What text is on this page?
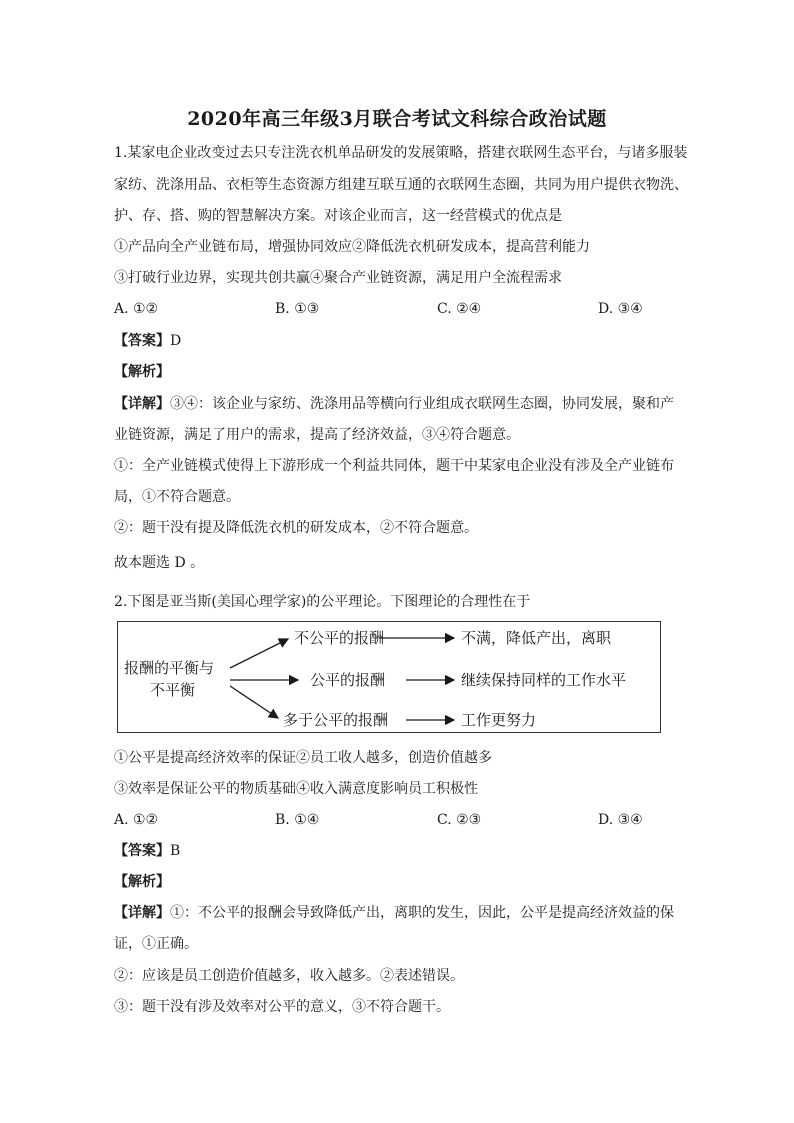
2020年高三年级3月联合考试文科综合政治试题
1.某家电企业改变过去只专注洗衣机单品研发的发展策略，搭建衣联网生态平台，与诸多服装
家纺、洗涤用品、衣柜等生态资源方组建互联互通的衣联网生态圈，共同为用户提供衣物洗、
护、存、搭、购的智慧解决方案。对该企业而言，这一经营模式的优点是
①产品向全产业链布局，增强协同效应②降低洗衣机研发成本，提高营利能力
③打破行业边界，实现共创共赢④聚合产业链资源，满足用户全流程需求
A. ①②	B. ①③	C. ②④	D. ③④
【答案】D
【解析】
【详解】③④：该企业与家纺、洗涤用品等横向行业组成衣联网生态圈，协同发展，聚和产
业链资源，满足了用户的需求，提高了经济效益，③④符合题意。
①：全产业链模式使得上下游形成一个利益共同体，题干中某家电企业没有涉及全产业链布
局，①不符合题意。
②：题干没有提及降低洗衣机的研发成本，②不符合题意。
故本题选 D 。
2.下图是亚当斯(美国心理学家)的公平理论。下图理论的合理性在于
报酬的平衡与
不平衡
不公平的报酬	不满，降低产出，离职
公平的报酬	继续保持同样的工作水平
多于公平的报酬	工作更努力
①公平是提高经济效率的保证②员工收人越多，创造价值越多
③效率是保证公平的物质基础④收入满意度影响员工积极性
A. ①②	B. ①④	C. ②③	D. ③④
【答案】B
【解析】
【详解】①：不公平的报酬会导致降低产出，离职的发生，因此，公平是提高经济效益的保
证，①正确。
②：应该是员工创造价值越多，收入越多。②表述错误。
③：题干没有涉及效率对公平的意义，③不符合题干。
